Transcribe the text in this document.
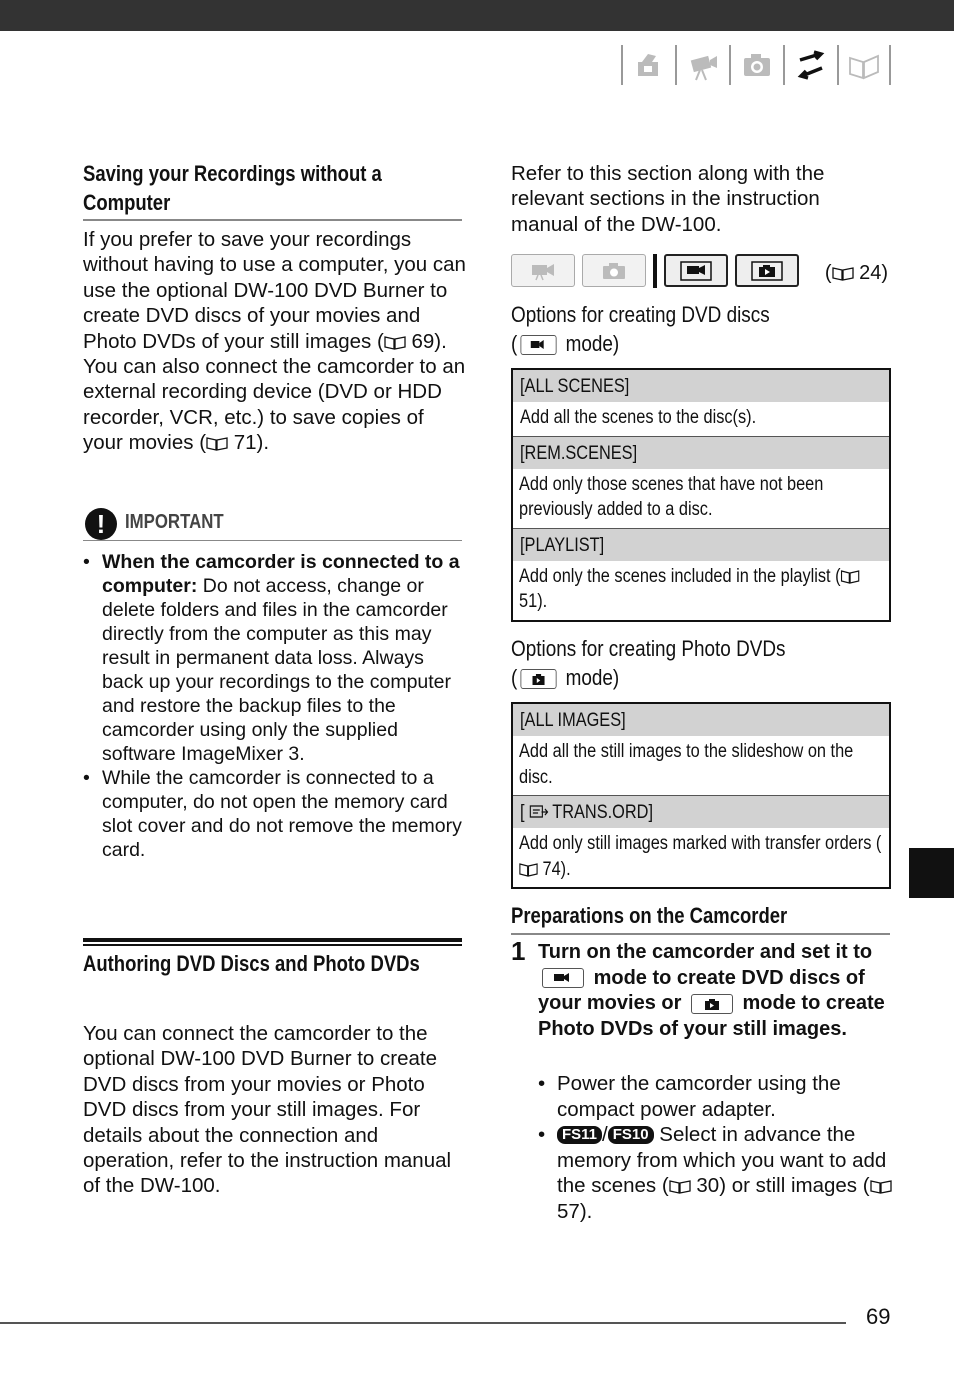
Saving your Recordings without a
Computer
If you prefer to save your recordings without having to use a computer, you can use the optional DW-100 DVD Burner to create DVD discs of your movies and Photo DVDs of your still images ( 69). You can also connect the camcorder to an external recording device (DVD or HDD recorder, VCR, etc.) to save copies of your movies ( 71).
! IMPORTANT
• When the camcorder is connected to a computer: Do not access, change or delete folders and files in the camcorder directly from the computer as this may result in permanent data loss. Always back up your recordings to the computer and restore the backup files to the camcorder using only the supplied software ImageMixer 3.
• While the camcorder is connected to a computer, do not open the memory card slot cover and do not remove the memory card.
Authoring DVD Discs and Photo DVDs
You can connect the camcorder to the optional DW-100 DVD Burner to create DVD discs from your movies or Photo DVD discs from your still images. For details about the connection and operation, refer to the instruction manual of the DW-100.
Refer to this section along with the relevant sections in the instruction manual of the DW-100.
( 24)
Options for creating DVD discs
( mode)
[ALL SCENES]
Add all the scenes to the disc(s).
[REM.SCENES]
Add only those scenes that have not been previously added to a disc.
[PLAYLIST]
Add only the scenes included in the playlist ( 51).
Options for creating Photo DVDs
( mode)
[ALL IMAGES]
Add all the still images to the slideshow on the disc.
[  TRANS.ORD]
Add only still images marked with transfer orders ( 74).
Preparations on the Camcorder
1 Turn on the camcorder and set it to
mode to create DVD discs of your movies or	mode to create Photo DVDs of your still images.
• Power the camcorder using the compact power adapter.
• FS11 / FS10 Select in advance the memory from which you want to add the scenes ( 30) or still images ( 57).
69
